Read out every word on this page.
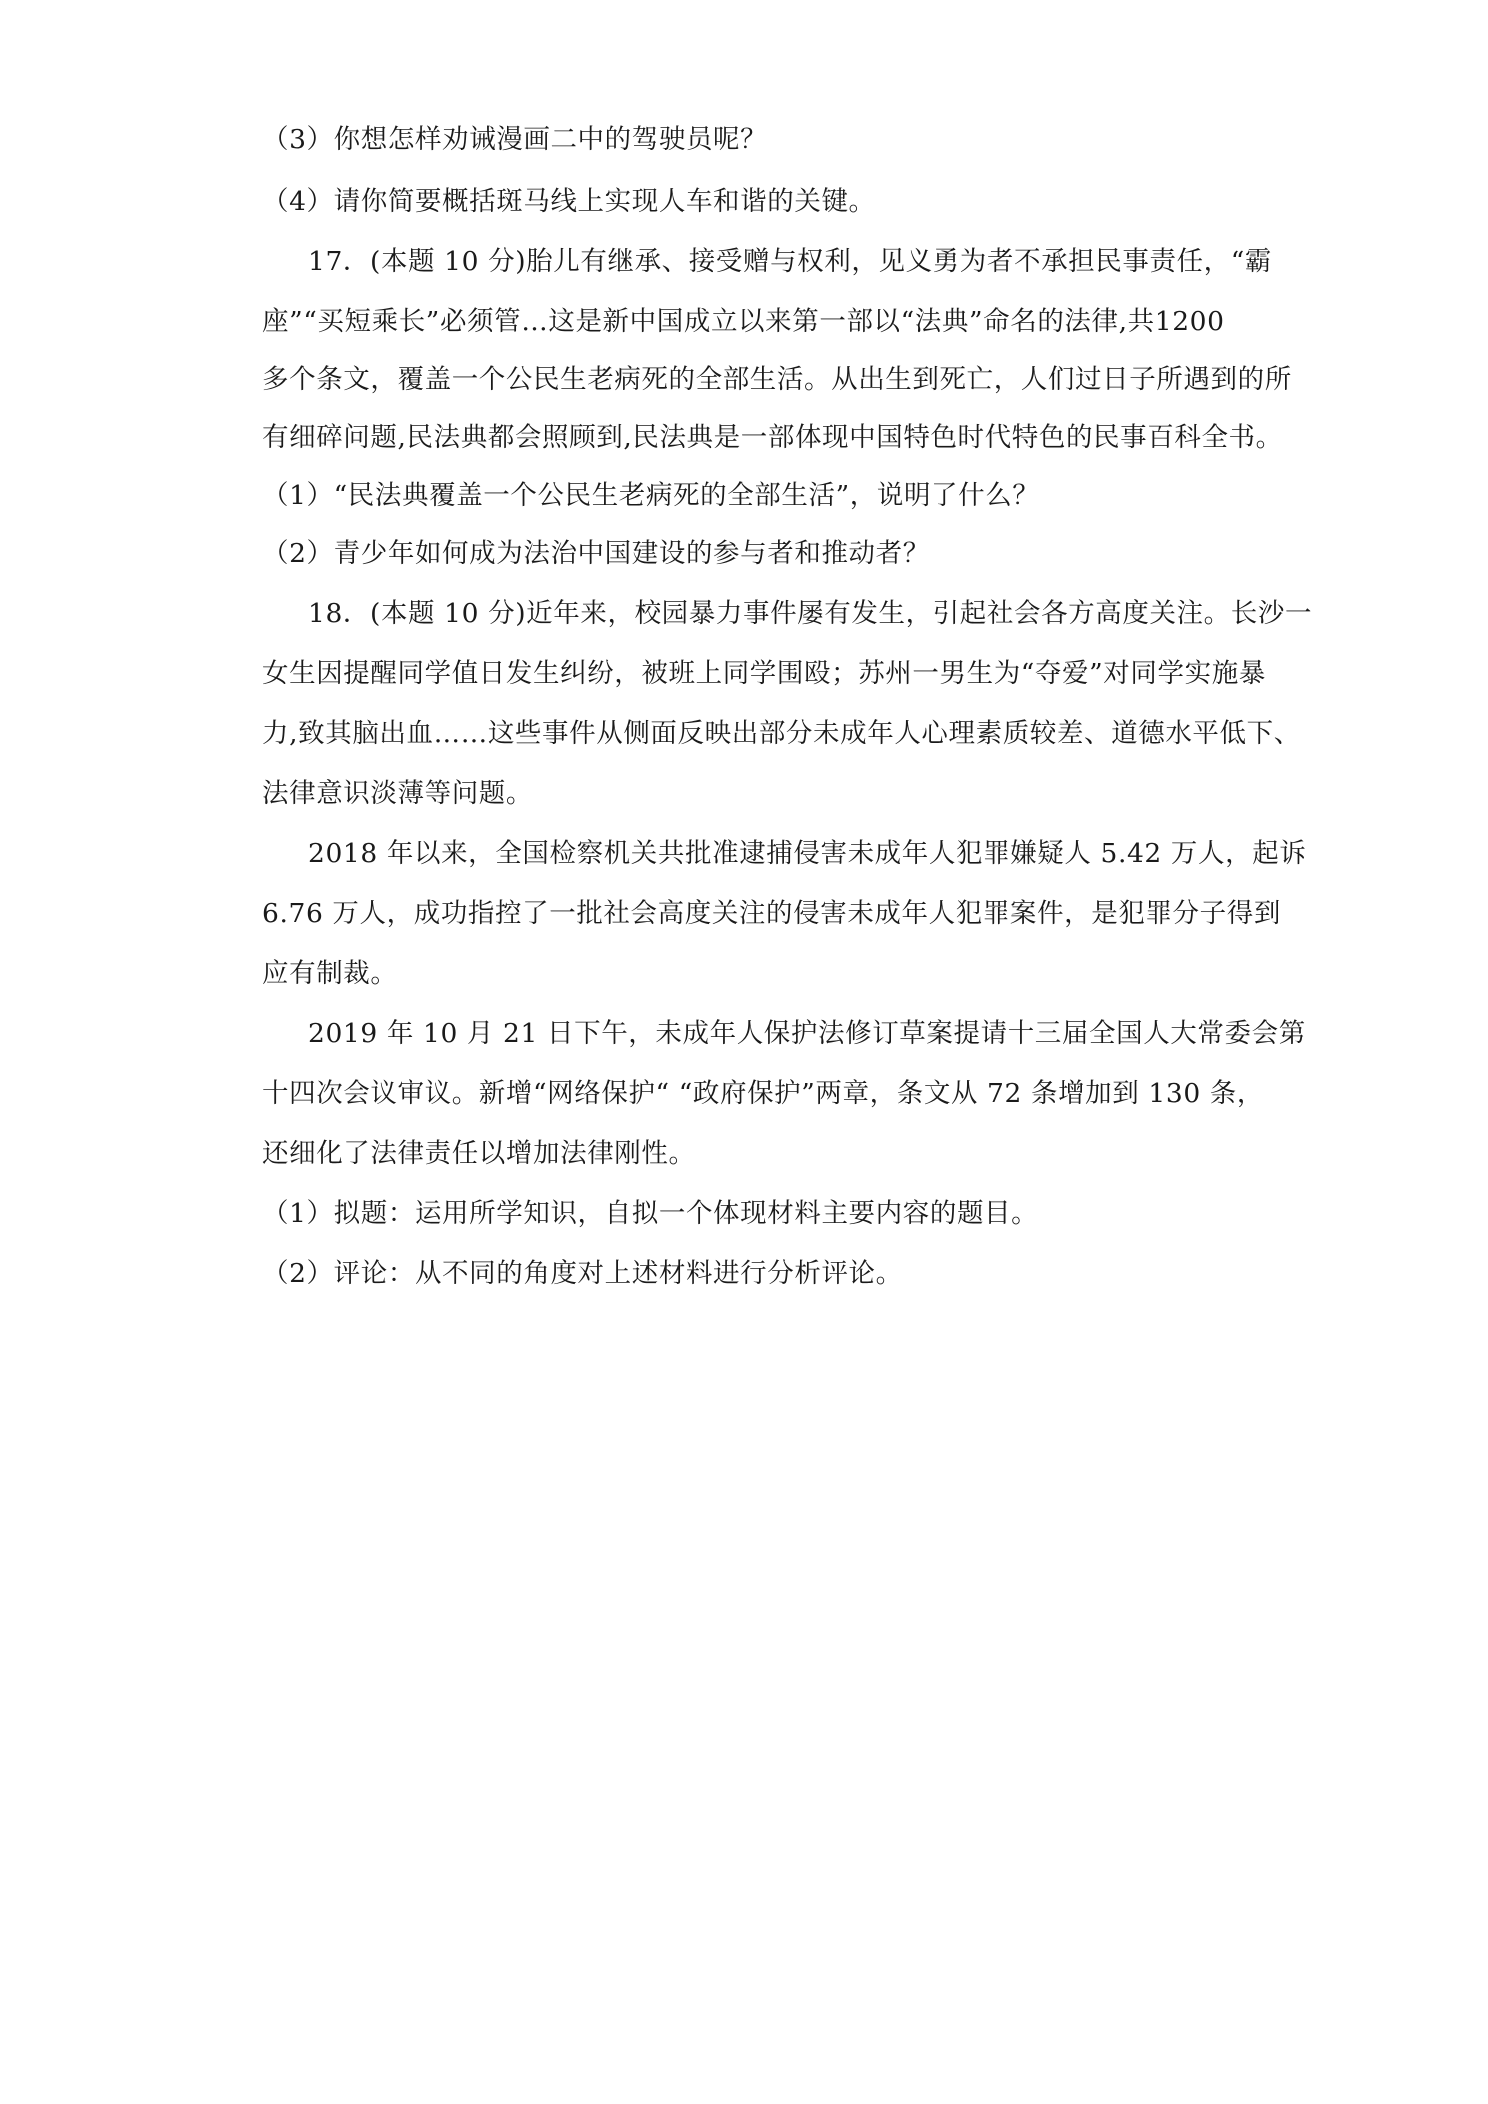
（3）你想怎样劝诫漫画二中的驾驶员呢？
（4）请你简要概括斑马线上实现人车和谐的关键。
17．(本题 10 分)胎儿有继承、接受赠与权利，见义勇为者不承担民事责任，“霸
座”“买短乘长”必须管…这是新中国成立以来第一部以“法典”命名的法律,共1200
多个条文，覆盖一个公民生老病死的全部生活。从出生到死亡，人们过日子所遇到的所
有细碎问题,民法典都会照顾到,民法典是一部体现中国特色时代特色的民事百科全书。
（1）“民法典覆盖一个公民生老病死的全部生活”，说明了什么？
（2）青少年如何成为法治中国建设的参与者和推动者？
18．(本题 10 分)近年来，校园暴力事件屡有发生，引起社会各方高度关注。长沙一
女生因提醒同学值日发生纠纷，被班上同学围殴；苏州一男生为“夺爱”对同学实施暴
力,致其脑出血……这些事件从侧面反映出部分未成年人心理素质较差、道德水平低下、
法律意识淡薄等问题。
2018 年以来，全国检察机关共批准逮捕侵害未成年人犯罪嫌疑人 5.42 万人，起诉
6.76 万人，成功指控了一批社会高度关注的侵害未成年人犯罪案件，是犯罪分子得到
应有制裁。
2019 年 10 月 21 日下午，未成年人保护法修订草案提请十三届全国人大常委会第
十四次会议审议。新增“网络保护“ “政府保护”两章，条文从 72 条增加到 130 条，
还细化了法律责任以增加法律刚性。
（1）拟题：运用所学知识，自拟一个体现材料主要内容的题目。
（2）评论：从不同的角度对上述材料进行分析评论。
